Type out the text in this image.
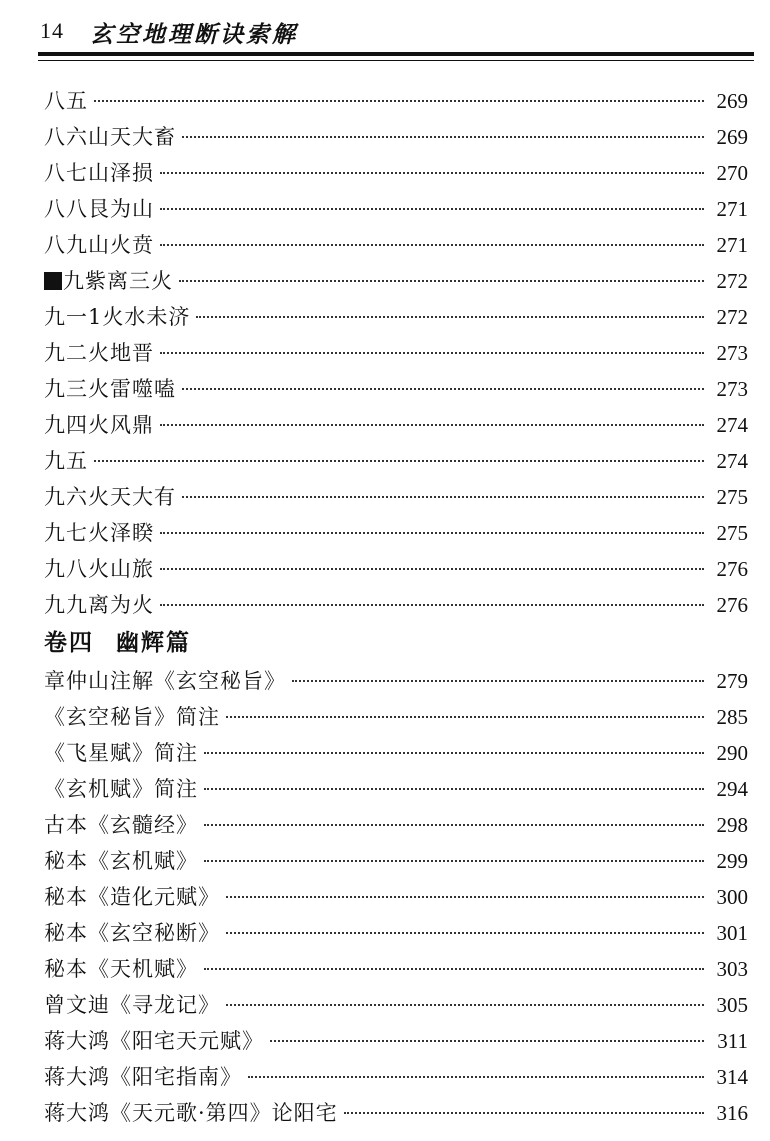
14 玄空地理断诀索解
八五	269
八六山天大畜	269
八七山泽损	270
八八艮为山	271
八九山火贲	271
九紫离三火	272
九一1火水未济	272
九二火地晋	273
九三火雷噬嗑	273
九四火风鼎	274
九五	274
九六火天大有	275
九七火泽睽	275
九八火山旅	276
九九离为火	276
卷四 幽辉篇
章仲山注解《玄空秘旨》	279
《玄空秘旨》简注	285
《飞星赋》简注	290
《玄机赋》简注	294
古本《玄髓经》	298
秘本《玄机赋》	299
秘本《造化元赋》	300
秘本《玄空秘断》	301
秘本《天机赋》	303
曾文迪《寻龙记》	305
蒋大鸿《阳宅天元赋》	311
蒋大鸿《阳宅指南》	314
蒋大鸿《天元歌·第四》论阳宅	316
